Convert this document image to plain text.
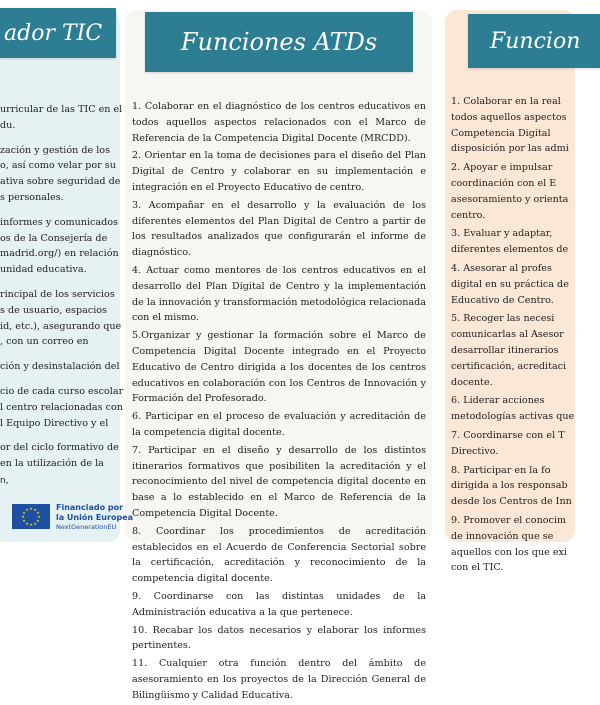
ador TIC	Funciones ATDs	Funcion

urricular de las TIC en el
du.

zación y gestión de los
o, así como velar por su
ativa sobre seguridad de
s personales.

informes y comunicados
os de la Consejería de
madrid.org/) en relación
unidad educativa.

rincipal de los servicios
s de usuario, espacios
id, etc.), asegurando que
, con un correo en

ción y desinstalación del

cio de cada curso escolar
l centro relacionadas con
l Equipo Directivo y el

or del ciclo formativo de
en la utilización de la

1. Colaborar en el diagnóstico de los centros educativos en todos aquellos aspectos relacionados con el Marco de Referencia de la Competencia Digital Docente (MRCDD).

2. Orientar en la toma de decisiones para el diseño del Plan Digital de Centro y colaborar en su implementación e integración en el Proyecto Educativo de centro.

3. Acompañar en el desarrollo y la evaluación de los diferentes elementos del Plan Digital de Centro a partir de los resultados analizados que configurarán el informe de diagnóstico.

4. Actuar como mentores de los centros educativos en el desarrollo del Plan Digital de Centro y la implementación de la innovación y transformación metodológica relacionada con el mismo.

5.Organizar y gestionar la formación sobre el Marco de Competencia Digital Docente integrado en el Proyecto Educativo de Centro dirigida a los docentes de los centros educativos en colaboración con los Centros de Innovación y Formación del Profesorado.

6. Participar en el proceso de evaluación y acreditación de la competencia digital docente.

7. Participar en el diseño y desarrollo de los distintos itinerarios formativos que posibiliten la acreditación y el reconocimiento del nivel de competencia digital docente en base a lo establecido en el Marco de Referencia de la Competencia Digital Docente.

8. Coordinar los procedimientos de acreditación establecidos en el Acuerdo de Conferencia Sectorial sobre la certificación, acreditación y reconocimiento de la competencia digital docente.

9. Coordinarse con las distintas unidades de la Administración educativa a la que pertenece.

10. Recabar los datos necesarios y elaborar los informes pertinentes.

11. Cualquier otra función dentro del ámbito de asesoramiento en los proyectos de la Dirección General de Bilingüismo y Calidad Educativa.

1. Colaborar en la real
todos aquellos aspectos
Competencia Digital
disposición por las admi

2. Apoyar e impulsar
coordinación con el E
asesoramiento y orienta
centro.

3. Evaluar y adaptar,
diferentes elementos de

4. Asesorar al profes
digital en su práctica de
Educativo de Centro.

5. Recoger las necesi
comunicarlas al Asesor
desarrollar itinerarios
certificación, acreditaci
docente.

6. Liderar acciones
metodologías activas que

7. Coordinarse con el T
Directivo.

8. Participar en la fo
dirigida a los responsab
desde los Centros de Inn

9. Promover el conocim
de innovación que se
aquellos con los que exi
con el TIC.

n,
★
★
★
★
★
★
★
★
★ ★ ★
★
Financiado por
la Unión Europea
NextGenerationEU
